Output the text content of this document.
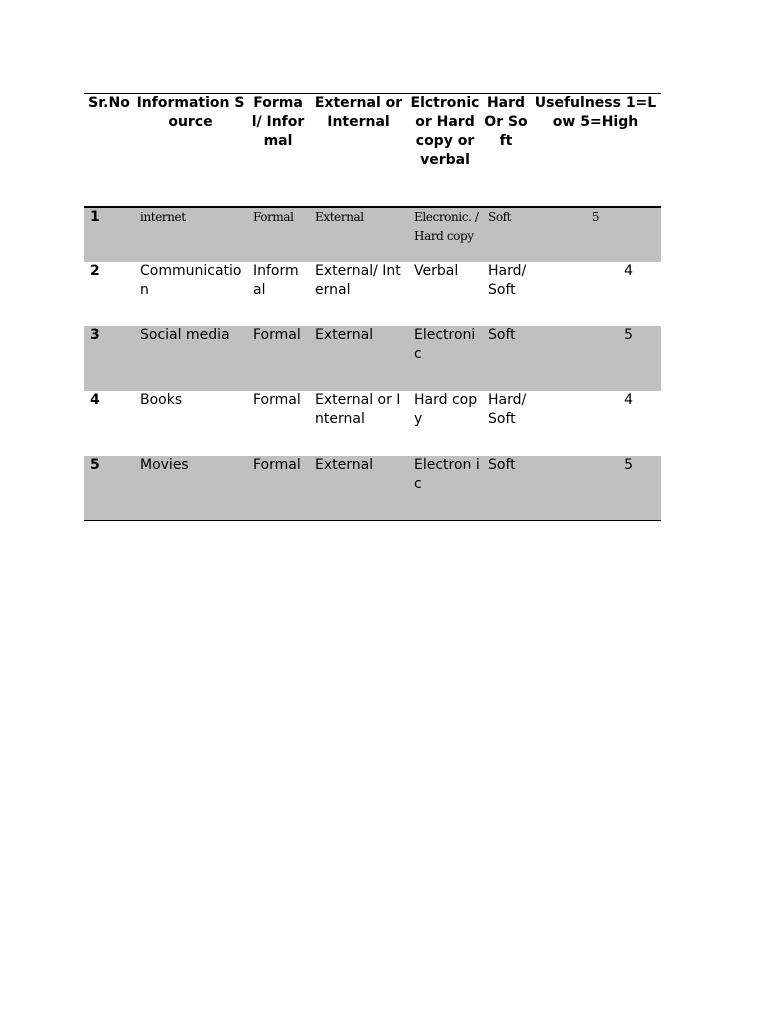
Sr.No	Information Source	Formal/ Informal	External or Internal	Elctronic or Hard copy or verbal	Hard Or Soft	Usefulness 1=Low 5=High
1	internet	Formal	External	Elecronic. / Hard copy	Soft	5
2	Communication	Informal	External/ Internal	Verbal	Hard/ Soft	4
3	Social media	Formal	External	Electronic	Soft	5
4	Books	Formal	External or Internal	Hard copy	Hard/ Soft	4
5	Movies	Formal	External	Electron i c	Soft	5
